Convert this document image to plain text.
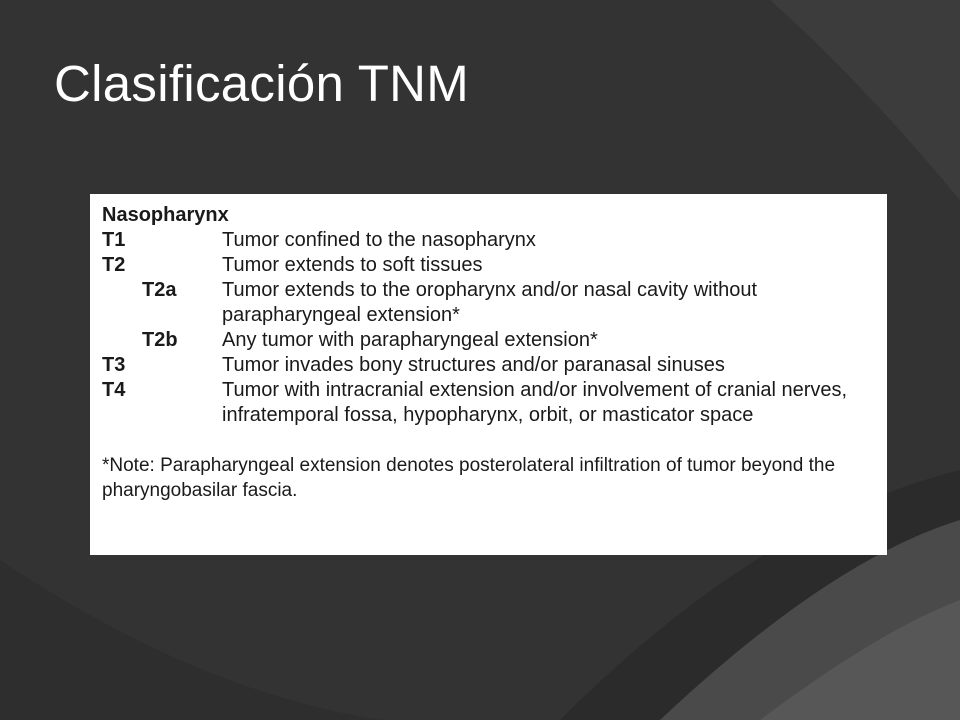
Clasificación TNM
Nasopharynx
T1	Tumor confined to the nasopharynx
T2	Tumor extends to soft tissues
T2a Tumor extends to the oropharynx and/or nasal cavity without parapharyngeal extension*
T2b Any tumor with parapharyngeal extension*
T3	Tumor invades bony structures and/or paranasal sinuses
T4	Tumor with intracranial extension and/or involvement of cranial nerves, infratemporal fossa, hypopharynx, orbit, or masticator space
*Note: Parapharyngeal extension denotes posterolateral infiltration of tumor beyond the pharyngobasilar fascia.
